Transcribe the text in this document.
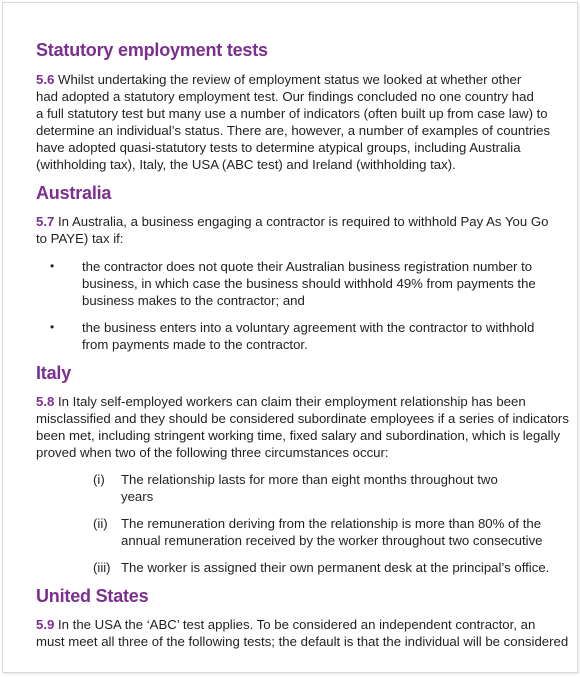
Statutory employment tests

5.6 Whilst undertaking the review of employment status we looked at whether other

had adopted a statutory employment test. Our findings concluded no one country had

a full statutory test but many use a number of indicators (often built up from case law) to

determine an individual’s status. There are, however, a number of examples of countries

have adopted quasi-statutory tests to determine atypical groups, including Australia

(withholding tax), Italy, the USA (ABC test) and Ireland (withholding tax).

Australia

5.7 In Australia, a business engaging a contractor is required to withhold Pay As You Go

to PAYE) tax if:

• the contractor does not quote their Australian business registration number to

business, in which case the business should withhold 49% from payments the

business makes to the contractor; and

• the business enters into a voluntary agreement with the contractor to withhold

from payments made to the contractor.

Italy

5.8 In Italy self-employed workers can claim their employment relationship has been

misclassified and they should be considered subordinate employees if a series of indicators

been met, including stringent working time, fixed salary and subordination, which is legally

proved when two of the following three circumstances occur:

(i) The relationship lasts for more than eight months throughout two

years

(ii) The remuneration deriving from the relationship is more than 80% of the

annual remuneration received by the worker throughout two consecutive

(iii) The worker is assigned their own permanent desk at the principal’s office.

United States

5.9 In the USA the ‘ABC’ test applies. To be considered an independent contractor, an

must meet all three of the following tests; the default is that the individual will be considered
